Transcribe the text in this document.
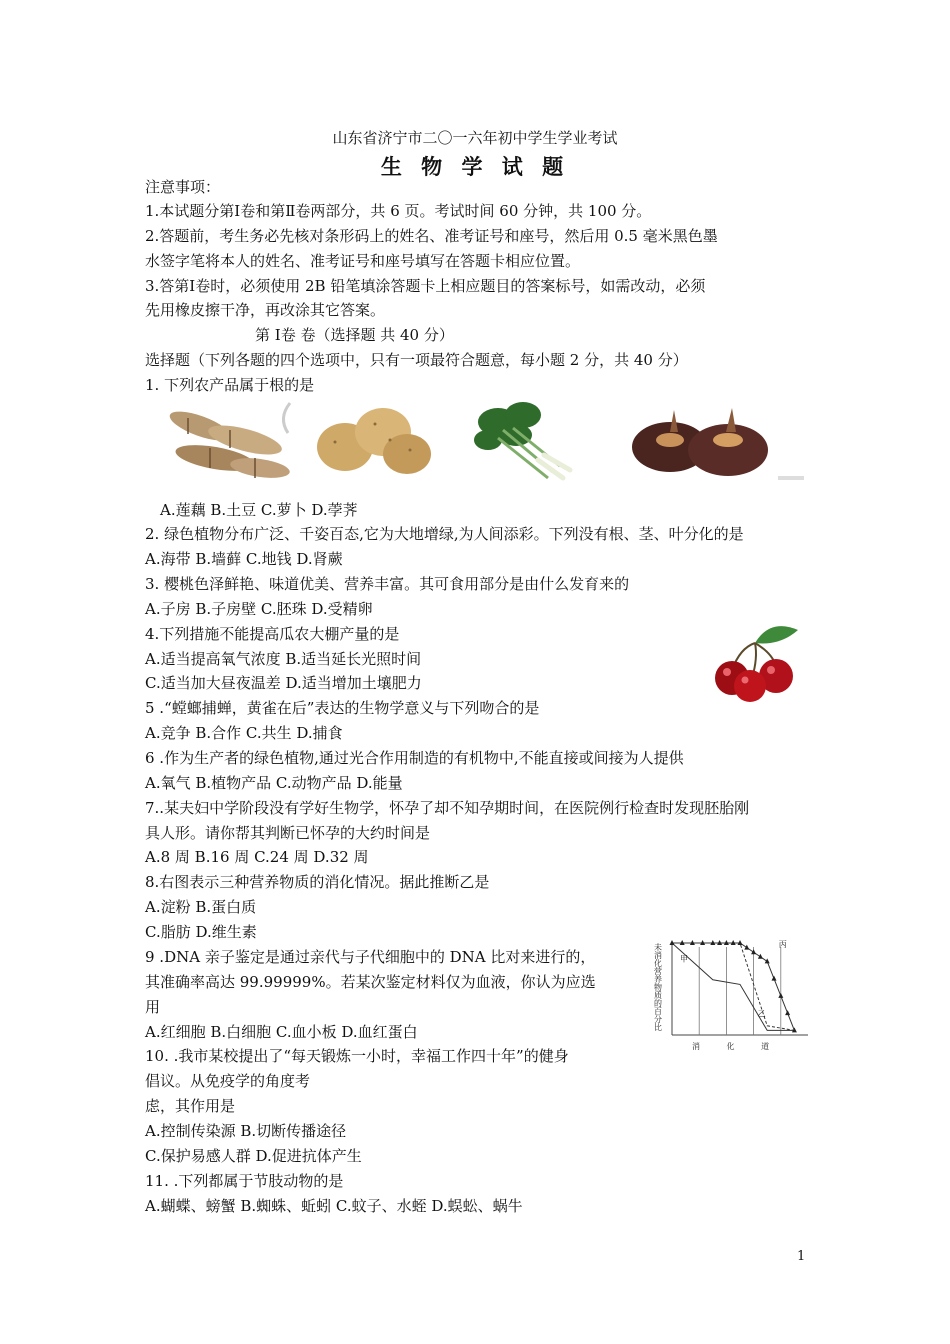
山东省济宁市二〇一六年初中学生学业考试
生 物 学 试 题
注意事项：
1.本试题分第Ⅰ卷和第Ⅱ卷两部分，共 6 页。考试时间 60 分钟，共 100 分。
2.答题前，考生务必先核对条形码上的姓名、准考证号和座号，然后用 0.5 毫米黑色墨
水签字笔将本人的姓名、准考证号和座号填写在答题卡相应位置。
3.答第Ⅰ卷时，必须使用 2B 铅笔填涂答题卡上相应题目的答案标号，如需改动，必须
先用橡皮擦干净，再改涂其它答案。
第 Ⅰ卷 卷（选择题 共 40 分）
选择题（下列各题的四个选项中，只有一项最符合题意，每小题 2 分，共 40 分）
1. 下列农产品属于根的是
A.莲藕 B.土豆 C.萝卜 D.荸荠
2. 绿色植物分布广泛、千姿百态,它为大地增绿,为人间添彩。下列没有根、茎、叶分化的是
A.海带 B.墙藓 C.地钱 D.肾蕨
3. 樱桃色泽鲜艳、味道优美、营养丰富。其可食用部分是由什么发育来的
A.子房 B.子房壁 C.胚珠 D.受精卵
4.下列措施不能提高瓜农大棚产量的是
A.适当提高氧气浓度 B.适当延长光照时间
C.适当加大昼夜温差 D.适当增加土壤肥力
5 .“螳螂捕蝉，黄雀在后”表达的生物学意义与下列吻合的是
A.竞争 B.合作 C.共生 D.捕食
6 .作为生产者的绿色植物,通过光合作用制造的有机物中,不能直接或间接为人提供
A.氧气 B.植物产品 C.动物产品 D.能量
7..某夫妇中学阶段没有学好生物学，怀孕了却不知孕期时间，在医院例行检查时发现胚胎刚
具人形。请你帮其判断已怀孕的大约时间是
A.8 周 B.16 周 C.24 周 D.32 周
8.右图表示三种营养物质的消化情况。据此推断乙是
A.淀粉 B.蛋白质
C.脂肪 D.维生素
9 .DNA 亲子鉴定是通过亲代与子代细胞中的 DNA 比对来进行的，
其准确率高达 99.99999%。若某次鉴定材料仅为血液，你认为应选
用
A.红细胞 B.白细胞 C.血小板 D.血红蛋白
10. .我市某校提出了“每天锻炼一小时，幸福工作四十年”的健身
倡议。从免疫学的角度考
虑，其作用是
A.控制传染源 B.切断传播途径
C.保护易感人群 D.促进抗体产生
11. .下列都属于节肢动物的是
A.蝴蝶、螃蟹 B.蜘蛛、蚯蚓 C.蚊子、水蛭 D.蜈蚣、蜗牛
未消化营养物质的百分比
消 化 道
甲
乙
丙
1
